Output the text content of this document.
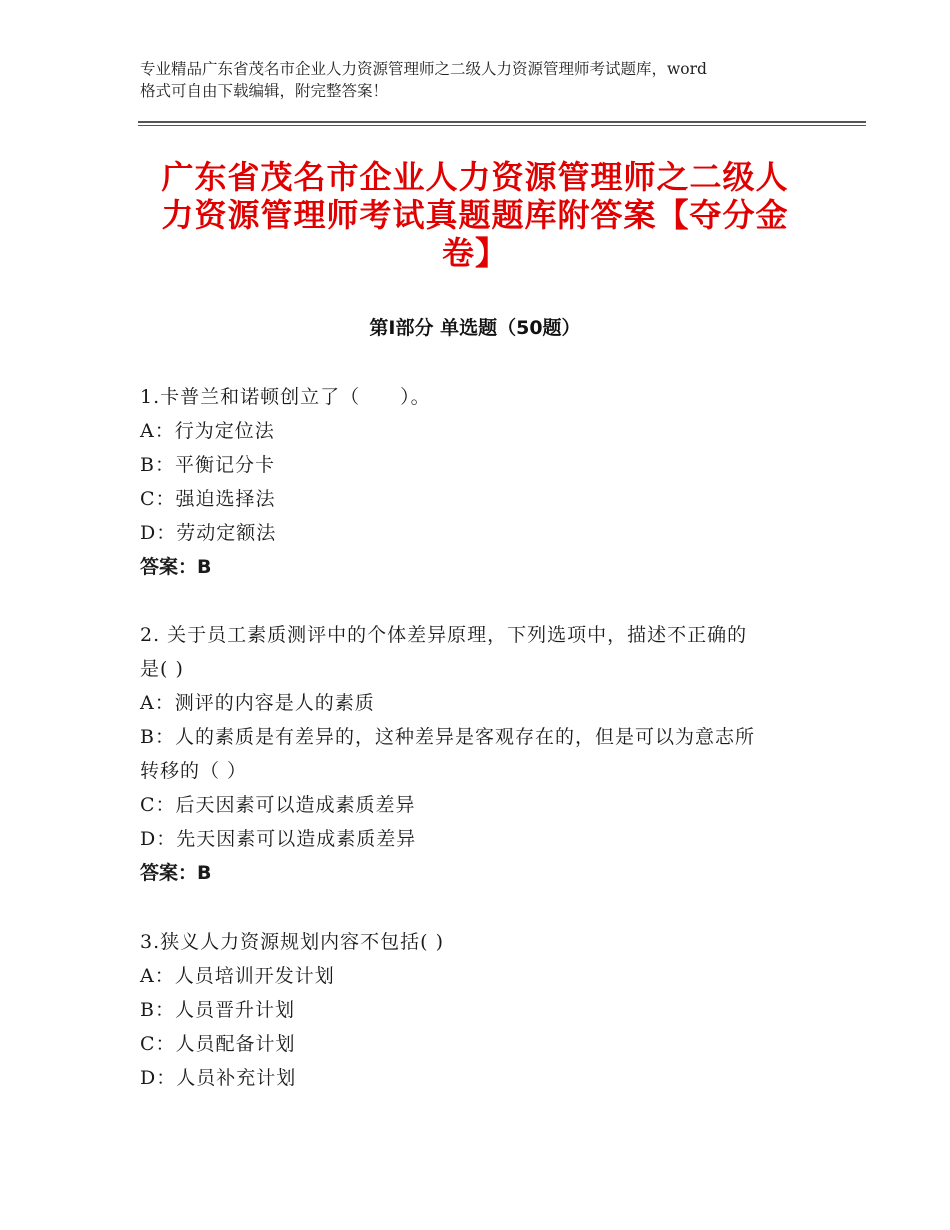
专业精品广东省茂名市企业人力资源管理师之二级人力资源管理师考试题库，word
格式可自由下载编辑，附完整答案！
广东省茂名市企业人力资源管理师之二级人
力资源管理师考试真题题库附答案【夺分金
卷】
第Ⅰ部分 单选题（50题）
1.卡普兰和诺顿创立了（　　）。
A：行为定位法
B：平衡记分卡
C：强迫选择法
D：劳动定额法
答案：B
2. 关于员工素质测评中的个体差异原理，下列选项中，描述不正确的
是( )
A：测评的内容是人的素质
B：人的素质是有差异的，这种差异是客观存在的，但是可以为意志所
转移的（ ）
C：后天因素可以造成素质差异
D：先天因素可以造成素质差异
答案：B
3.狭义人力资源规划内容不包括( )
A：人员培训开发计划
B：人员晋升计划
C：人员配备计划
D：人员补充计划
